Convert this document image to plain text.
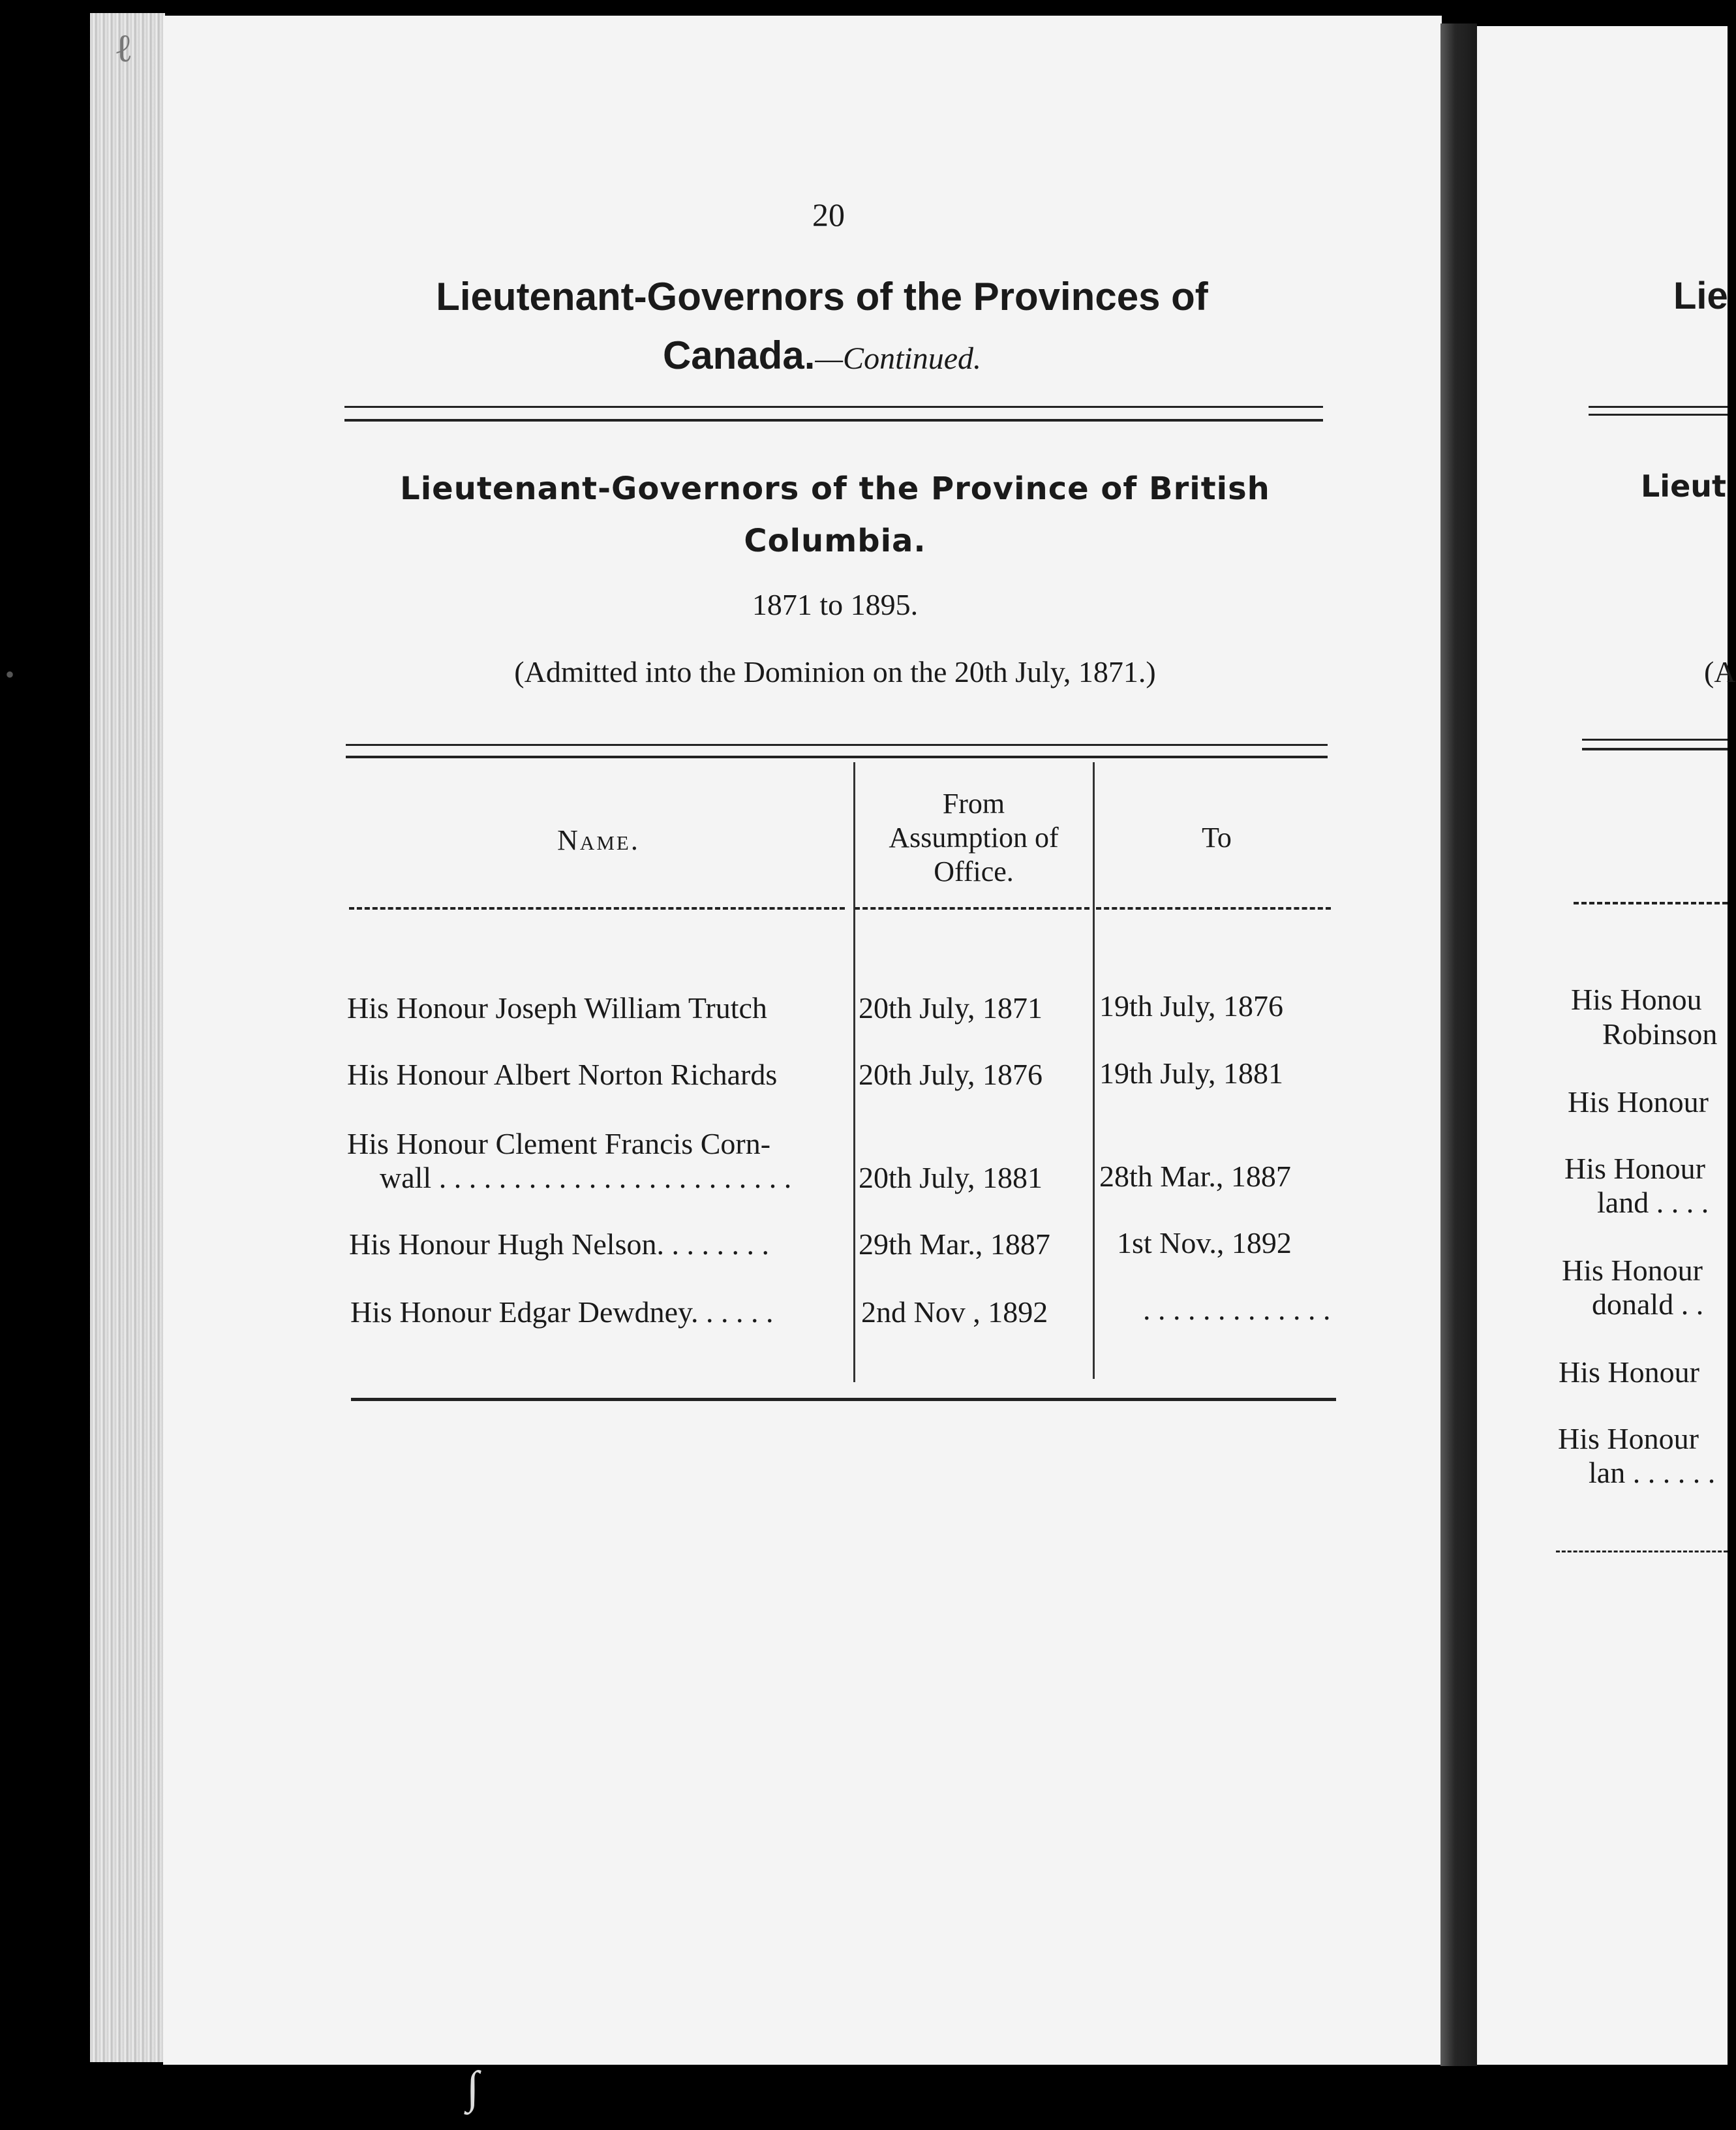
20
Lieutenant-Governors of the Provinces of
Canada.—Continued.
Lieutenant-Governors of the Province of British
Columbia.
1871 to 1895.
(Admitted into the Dominion on the 20th July, 1871.)
Name.
From
Assumption of
Office.
To
His Honour Joseph William Trutch	20th July, 1871 19th July, 1876
His Honour Albert Norton Richards	20th July, 1876 19th July, 1881
His Honour Clement Francis Corn-
wall . . . . . . . . . . . . . . . . . . . . . . . . 20th July, 1881 28th Mar., 1887
His Honour Hugh Nelson. . . . . . . .	29th Mar., 1887 1st Nov., 1892
His Honour Edgar Dewdney. . . . . .	2nd Nov , 1892	. . . . . . . . . . . . .
Lie
Lieut
(A
His Honou
Robinson
His Honour
His Honour
land . . . .
His Honour
donald . .
His Honour
His Honour
lan . . . . . .
•
ℓ
∫
